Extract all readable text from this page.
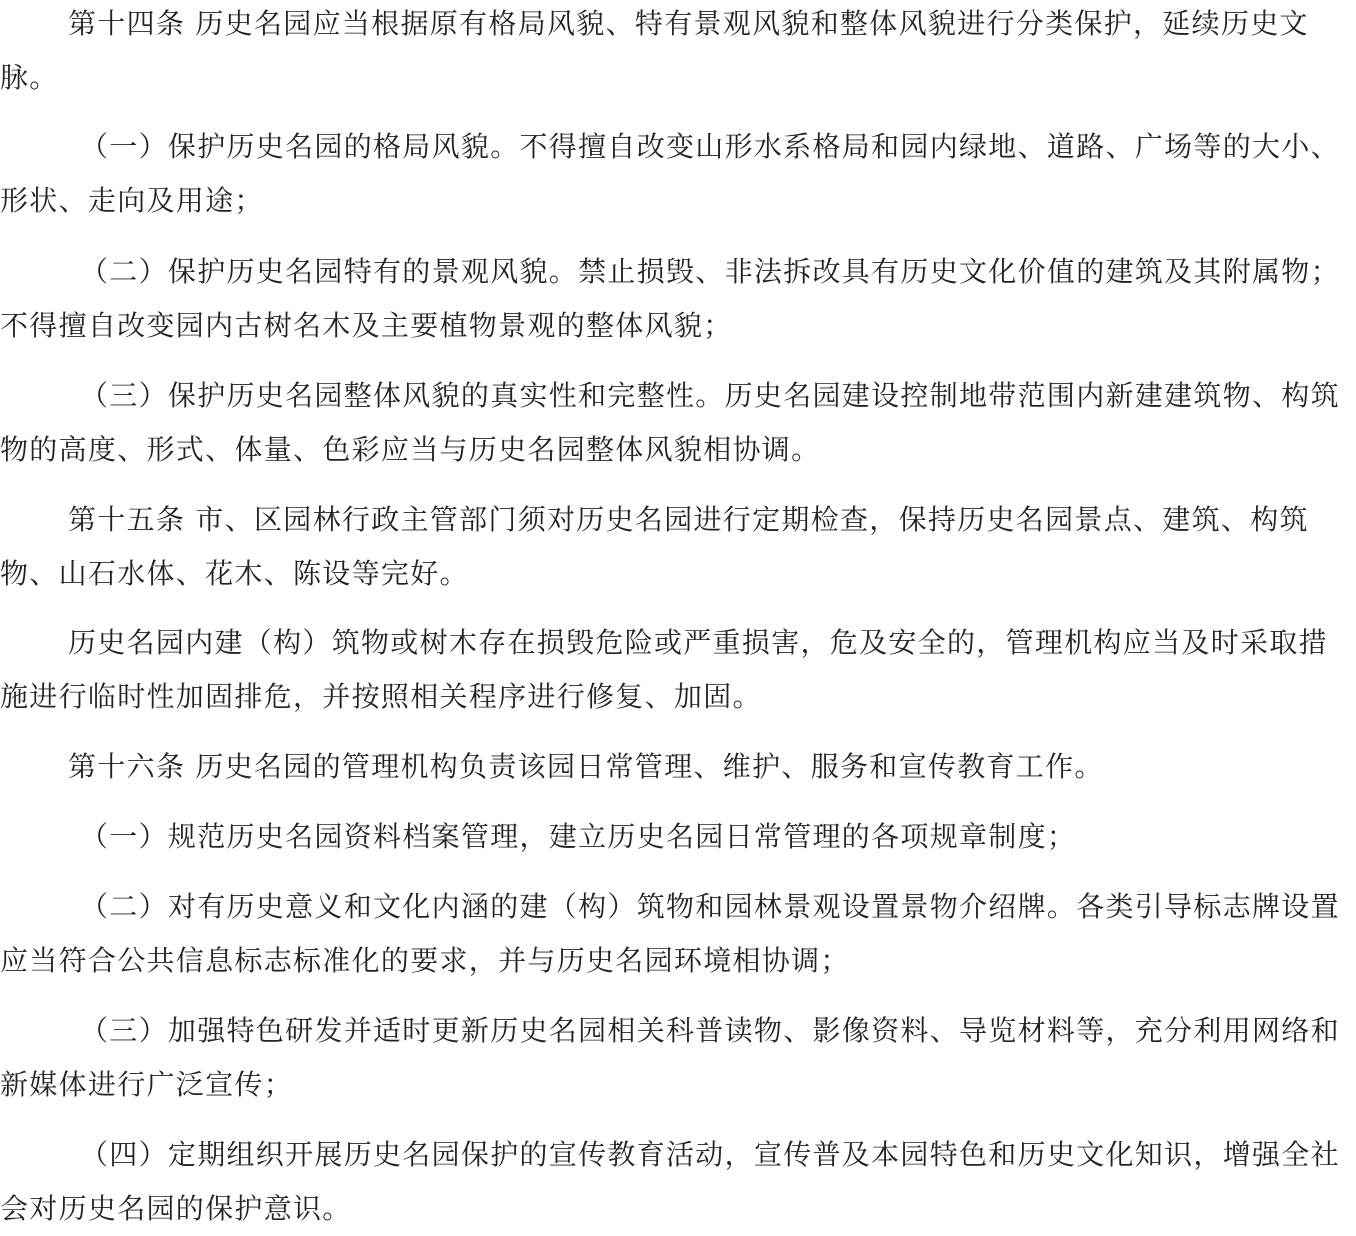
第十四条 历史名园应当根据原有格局风貌、特有景观风貌和整体风貌进行分类保护，延续历史文
脉。
（一）保护历史名园的格局风貌。不得擅自改变山形水系格局和园内绿地、道路、广场等的大小、
形状、走向及用途；
（二）保护历史名园特有的景观风貌。禁止损毁、非法拆改具有历史文化价值的建筑及其附属物；
不得擅自改变园内古树名木及主要植物景观的整体风貌；
（三）保护历史名园整体风貌的真实性和完整性。历史名园建设控制地带范围内新建建筑物、构筑
物的高度、形式、体量、色彩应当与历史名园整体风貌相协调。
第十五条 市、区园林行政主管部门须对历史名园进行定期检查，保持历史名园景点、建筑、构筑
物、山石水体、花木、陈设等完好。
历史名园内建（构）筑物或树木存在损毁危险或严重损害，危及安全的，管理机构应当及时采取措
施进行临时性加固排危，并按照相关程序进行修复、加固。
第十六条 历史名园的管理机构负责该园日常管理、维护、服务和宣传教育工作。
（一）规范历史名园资料档案管理，建立历史名园日常管理的各项规章制度；
（二）对有历史意义和文化内涵的建（构）筑物和园林景观设置景物介绍牌。各类引导标志牌设置
应当符合公共信息标志标准化的要求，并与历史名园环境相协调；
（三）加强特色研发并适时更新历史名园相关科普读物、影像资料、导览材料等，充分利用网络和
新媒体进行广泛宣传；
（四）定期组织开展历史名园保护的宣传教育活动，宣传普及本园特色和历史文化知识，增强全社
会对历史名园的保护意识。
